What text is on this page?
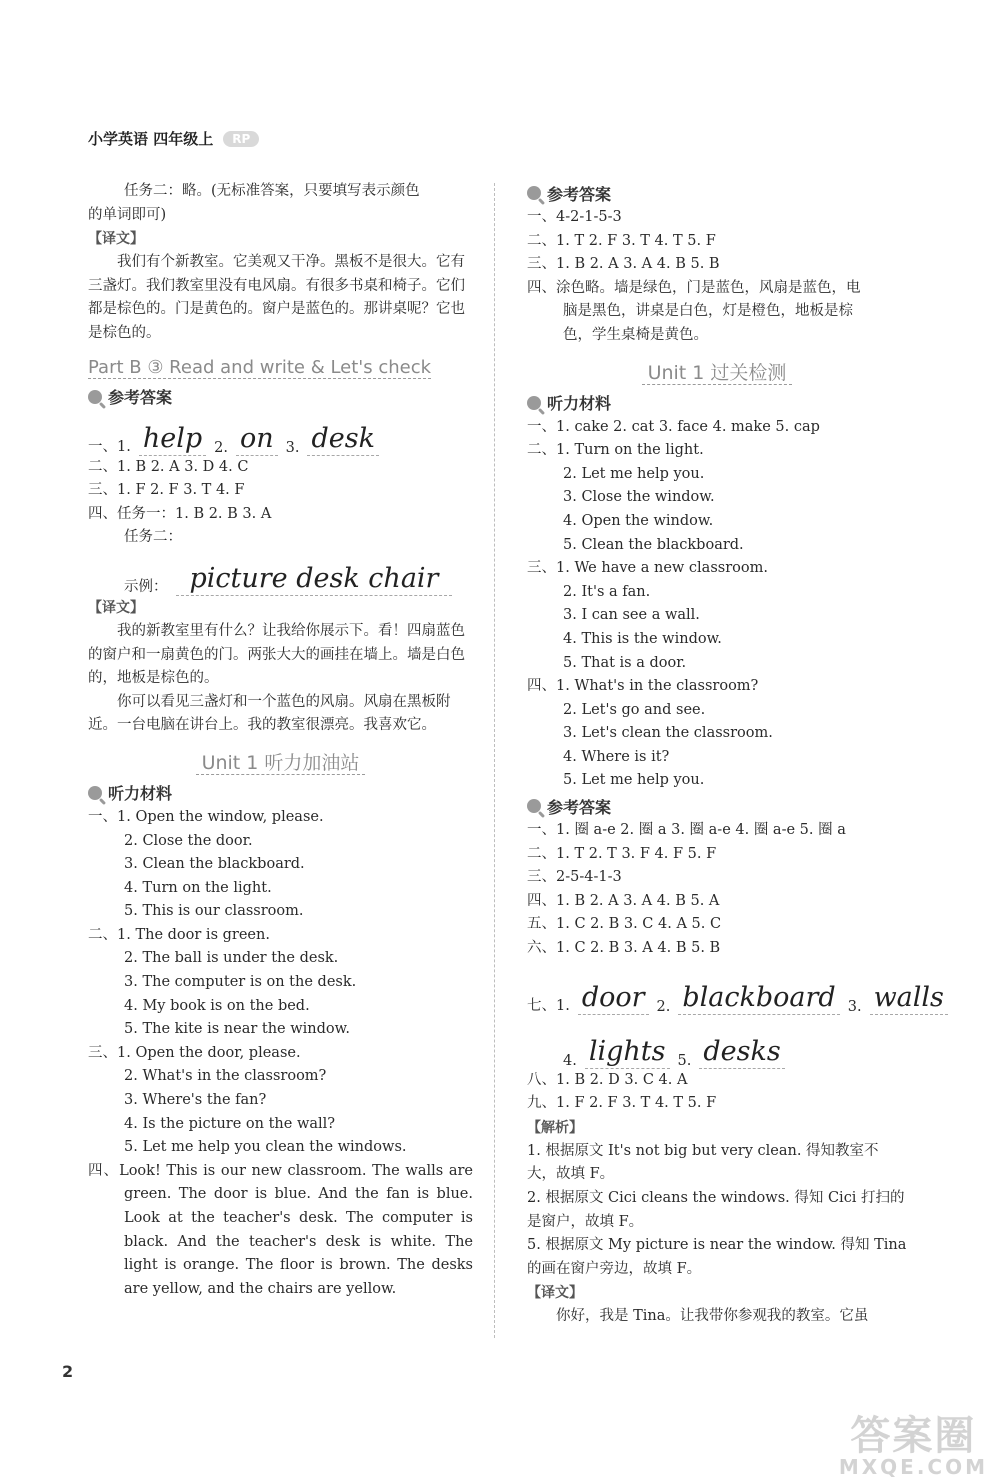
小学英语 四年级上	RP
任务二：略。(无标准答案，只要填写表示颜色
的单词即可)
【译文】

我们有个新教室。它美观又干净。黑板不是很大。它有三盏灯。我们教室里没有电风扇。有很多书桌和椅子。它们都是棕色的。门是黄色的。窗户是蓝色的。那讲桌呢？它也是棕色的。

Part B ③ Read and write & Let's check
参考答案
一、1. help 2. on 3. desk
二、1. B 2. A 3. D 4. C
三、1. F 2. F 3. T 4. F
四、任务一：1. B 2. B 3. A
任务二：
示例： picture desk chair
【译文】

我的新教室里有什么？让我给你展示下。看！四扇蓝色的窗户和一扇黄色的门。两张大大的画挂在墙上。墙是白色的，地板是棕色的。

你可以看见三盏灯和一个蓝色的风扇。风扇在黑板附近。一台电脑在讲台上。我的教室很漂亮。我喜欢它。

Unit 1 听力加油站
听力材料
一、1. Open the window, please.
2. Close the door.
3. Clean the blackboard.
4. Turn on the light.
5. This is our classroom.
二、1. The door is green.
2. The ball is under the desk.
3. The computer is on the desk.
4. My book is on the bed.
5. The kite is near the window.
三、1. Open the door, please.
2. What's in the classroom?
3. Where's the fan?
4. Is the picture on the wall?
5. Let me help you clean the windows.
四、Look! This is our new classroom. The walls are green. The door is blue. And the fan is blue. Look at the teacher's desk. The computer is black. And the teacher's desk is white. The light is orange. The floor is brown. The desks are yellow, and the chairs are yellow.
参考答案
一、4-2-1-5-3
二、1. T 2. F 3. T 4. T 5. F
三、1. B 2. A 3. A 4. B 5. B
四、涂色略。墙是绿色，门是蓝色，风扇是蓝色，电
脑是黑色，讲桌是白色，灯是橙色，地板是棕
色，学生桌椅是黄色。
Unit 1 过关检测
听力材料
一、1. cake 2. cat 3. face 4. make 5. cap
二、1. Turn on the light.
2. Let me help you.
3. Close the window.
4. Open the window.
5. Clean the blackboard.
三、1. We have a new classroom.
2. It's a fan.
3. I can see a wall.
4. This is the window.
5. That is a door.
四、1. What's in the classroom?
2. Let's go and see.
3. Let's clean the classroom.
4. Where is it?
5. Let me help you.
参考答案
一、1. 圈 a-e 2. 圈 a 3. 圈 a-e 4. 圈 a-e 5. 圈 a
二、1. T 2. T 3. F 4. F 5. F
三、2-5-4-1-3
四、1. B 2. A 3. A 4. B 5. A
五、1. C 2. B 3. C 4. A 5. C
六、1. C 2. B 3. A 4. B 5. B
七、1. door 2. blackboard 3. walls
4. lights 5. desks
八、1. B 2. D 3. C 4. A
九、1. F 2. F 3. T 4. T 5. F
【解析】

1. 根据原文 It's not big but very clean. 得知教室不大，故填 F。

2. 根据原文 Cici cleans the windows. 得知 Cici 打扫的是窗户，故填 F。

5. 根据原文 My picture is near the window. 得知 Tina 的画在窗户旁边，故填 F。

【译文】

你好，我是 Tina。让我带你参观我的教室。它虽

2
答案圈
MXQE.COM
